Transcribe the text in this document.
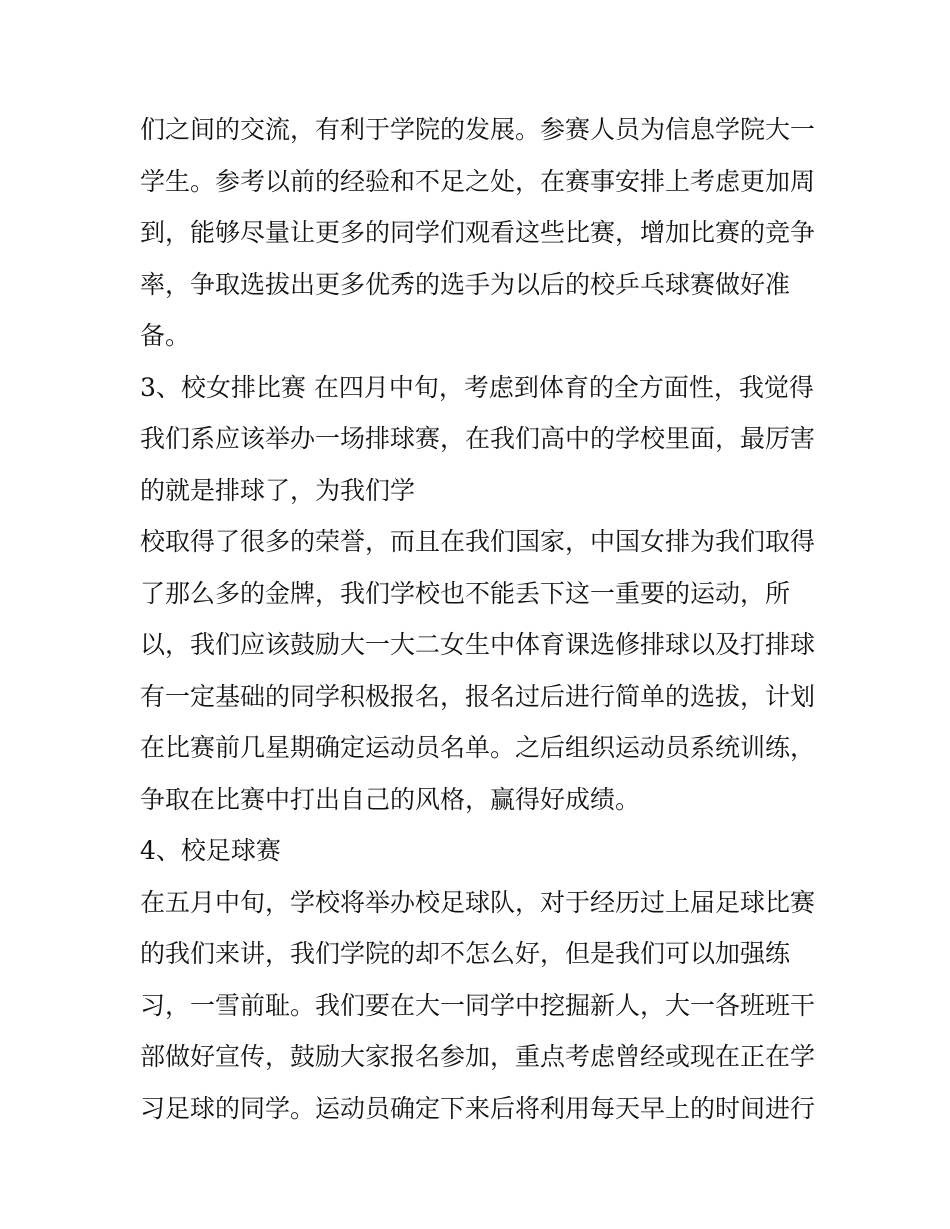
们之间的交流，有利于学院的发展。参赛人员为信息学院大一
学生。参考以前的经验和不足之处，在赛事安排上考虑更加周
到，能够尽量让更多的同学们观看这些比赛，增加比赛的竞争
率，争取选拔出更多优秀的选手为以后的校乒乓球赛做好准
备。
3、校女排比赛 在四月中旬，考虑到体育的全方面性，我觉得
我们系应该举办一场排球赛，在我们高中的学校里面，最厉害
的就是排球了，为我们学
校取得了很多的荣誉，而且在我们国家，中国女排为我们取得
了那么多的金牌，我们学校也不能丢下这一重要的运动，所
以，我们应该鼓励大一大二女生中体育课选修排球以及打排球
有一定基础的同学积极报名，报名过后进行简单的选拔，计划
在比赛前几星期确定运动员名单。之后组织运动员系统训练，
争取在比赛中打出自己的风格，赢得好成绩。
4、校足球赛
在五月中旬，学校将举办校足球队，对于经历过上届足球比赛
的我们来讲，我们学院的却不怎么好，但是我们可以加强练
习，一雪前耻。我们要在大一同学中挖掘新人，大一各班班干
部做好宣传，鼓励大家报名参加，重点考虑曾经或现在正在学
习足球的同学。运动员确定下来后将利用每天早上的时间进行
